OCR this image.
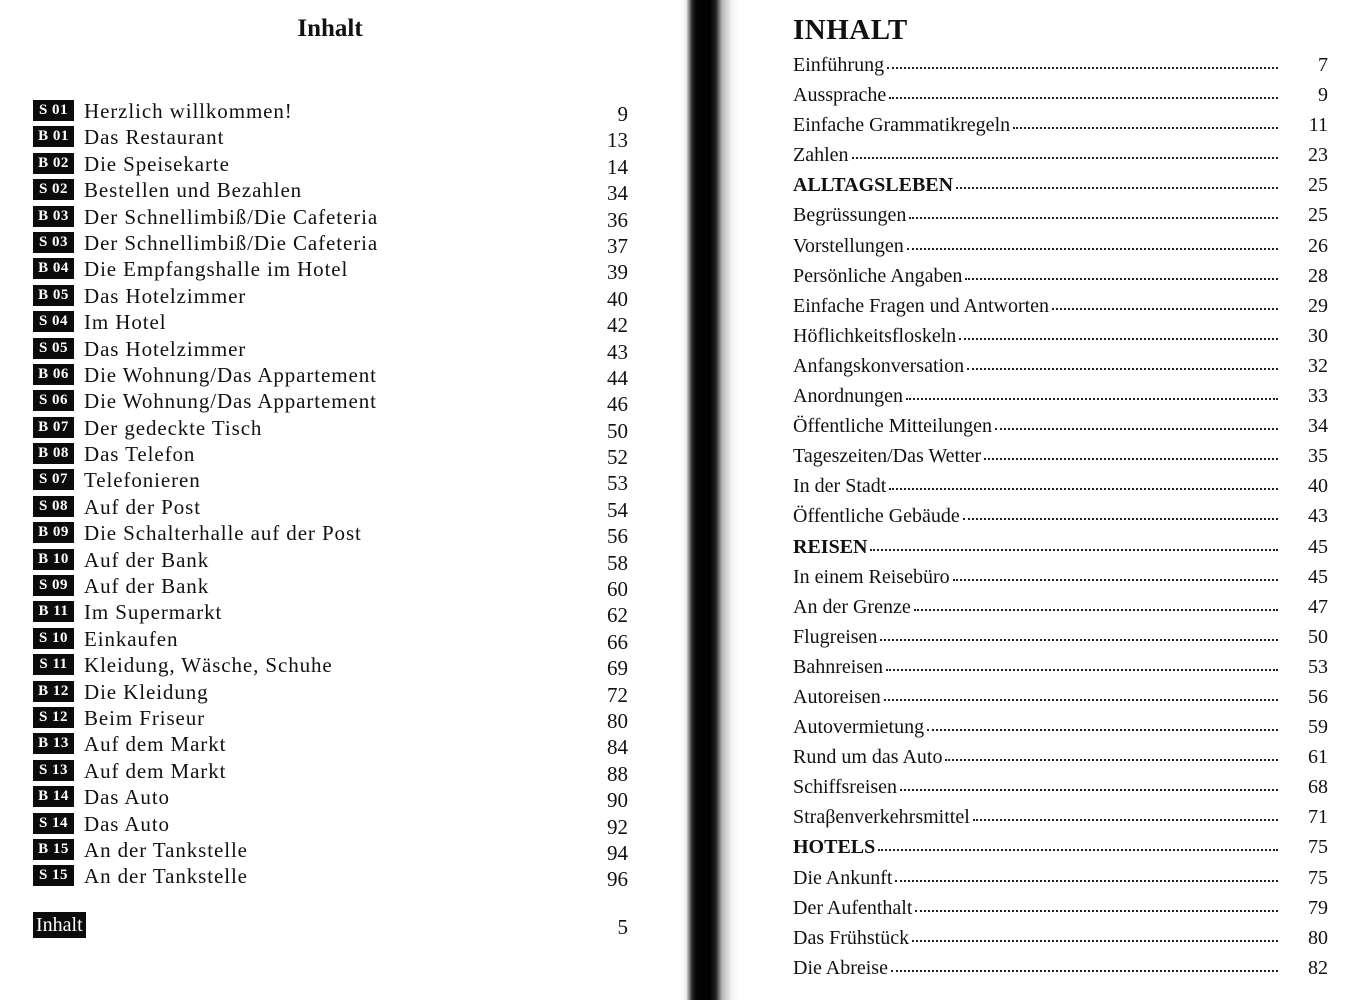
Inhalt
S 01 Herzlich willkommen!	9
B 01 Das Restaurant	13
B 02 Die Speisekarte	14
S 02 Bestellen und Bezahlen	34
B 03 Der Schnellimbiß/Die Cafeteria	36
S 03 Der Schnellimbiß/Die Cafeteria	37
B 04 Die Empfangshalle im Hotel	39
B 05 Das Hotelzimmer	40
S 04 Im Hotel	42
S 05 Das Hotelzimmer	43
B 06 Die Wohnung/Das Appartement	44
S 06 Die Wohnung/Das Appartement	46
B 07 Der gedeckte Tisch	50
B 08 Das Telefon	52
S 07 Telefonieren	53
S 08 Auf der Post	54
B 09 Die Schalterhalle auf der Post	56
B 10 Auf der Bank	58
S 09 Auf der Bank	60
B 11 Im Supermarkt	62
S 10 Einkaufen	66
S 11 Kleidung, Wäsche, Schuhe	69
B 12 Die Kleidung	72
S 12 Beim Friseur	80
B 13 Auf dem Markt	84
S 13 Auf dem Markt	88
B 14 Das Auto	90
S 14 Das Auto	92
B 15 An der Tankstelle	94
S 15 An der Tankstelle	96
Inhalt	5
INHALT
Einführung	7
Aussprache	9
Einfache Grammatikregeln	11
Zahlen	23
ALLTAGSLEBEN	25
Begrüssungen	25
Vorstellungen	26
Persönliche Angaben	28
Einfache Fragen und Antworten	29
Höflichkeitsfloskeln	30
Anfangskonversation	32
Anordnungen	33
Öffentliche Mitteilungen	34
Tageszeiten/Das Wetter	35
In der Stadt	40
Öffentliche Gebäude	43
REISEN	45
In einem Reisebüro	45
An der Grenze	47
Flugreisen	50
Bahnreisen	53
Autoreisen	56
Autovermietung	59
Rund um das Auto	61
Schiffsreisen	68
Straβenverkehrsmittel	71
HOTELS	75
Die Ankunft	75
Der Aufenthalt	79
Das Frühstück	80
Die Abreise	82
